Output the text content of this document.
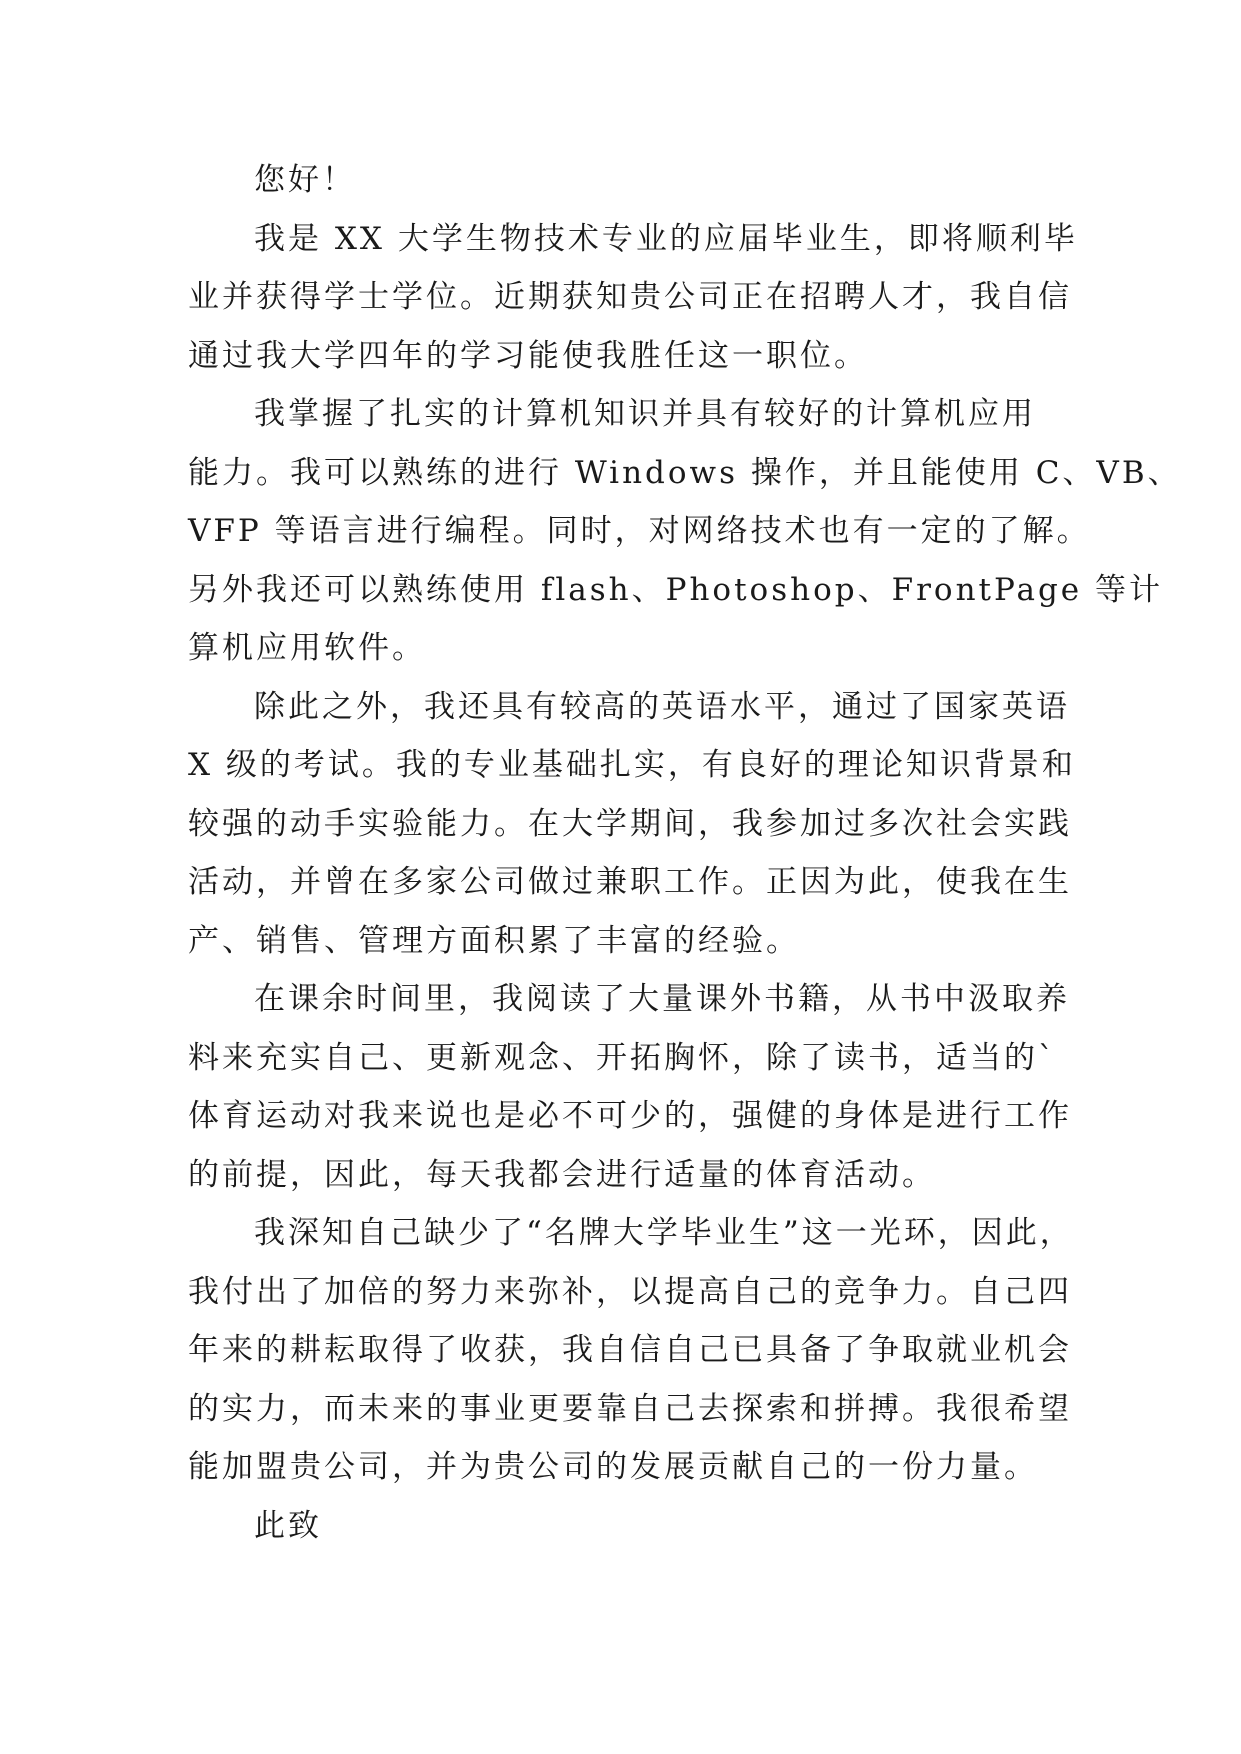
您好！
我是 XX 大学生物技术专业的应届毕业生，即将顺利毕
业并获得学士学位。近期获知贵公司正在招聘人才，我自信
通过我大学四年的学习能使我胜任这一职位。
我掌握了扎实的计算机知识并具有较好的计算机应用
能力。我可以熟练的进行 Windows 操作，并且能使用 C、VB、
VFP 等语言进行编程。同时，对网络技术也有一定的了解。
另外我还可以熟练使用 flash、Photoshop、FrontPage 等计
算机应用软件。
除此之外，我还具有较高的英语水平，通过了国家英语
X 级的考试。我的专业基础扎实，有良好的理论知识背景和
较强的动手实验能力。在大学期间，我参加过多次社会实践
活动，并曾在多家公司做过兼职工作。正因为此，使我在生
产、销售、管理方面积累了丰富的经验。
在课余时间里，我阅读了大量课外书籍，从书中汲取养
料来充实自己、更新观念、开拓胸怀，除了读书，适当的`
体育运动对我来说也是必不可少的，强健的身体是进行工作
的前提，因此，每天我都会进行适量的体育活动。
我深知自己缺少了“名牌大学毕业生”这一光环，因此，
我付出了加倍的努力来弥补，以提高自己的竞争力。自己四
年来的耕耘取得了收获，我自信自己已具备了争取就业机会
的实力，而未来的事业更要靠自己去探索和拼搏。我很希望
能加盟贵公司，并为贵公司的发展贡献自己的一份力量。
此致
